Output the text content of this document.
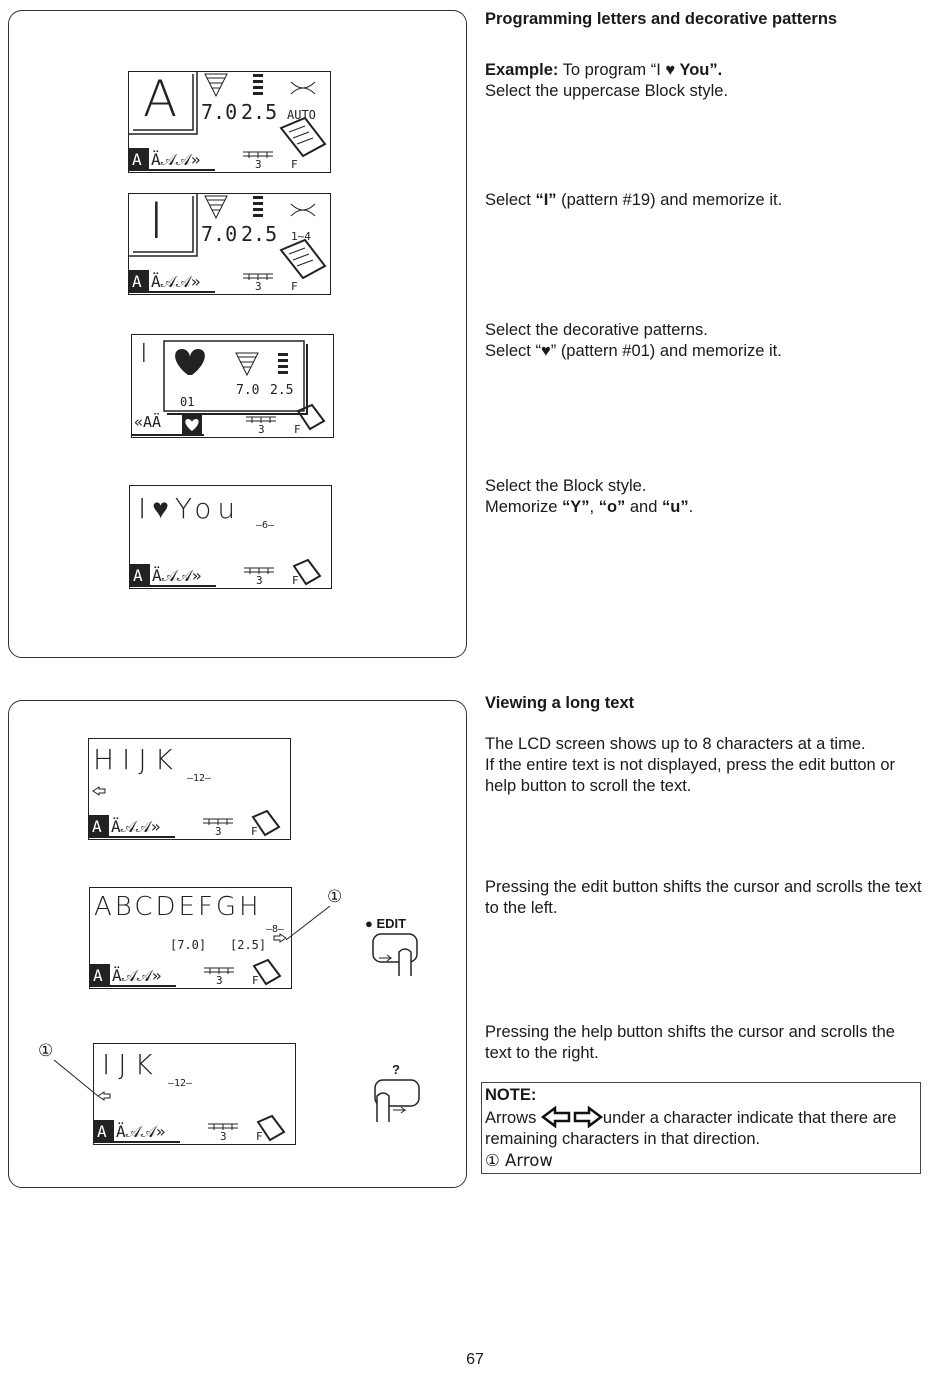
A 7.0 2.5 AUTO
A Ä𝒜𝒜»	3	F
I 7.0 2.5 1~4
A Ä𝒜𝒜»	3	F
I
01
7.0 2.5
«AÄ	3	F
I♥You
–6–
A Ä𝒜𝒜»	3	F

Programming letters and decorative patterns

Example: To program “I ♥ You”.

Select the uppercase Block style.

Select “I” (pattern #19) and memorize it.

Select the decorative patterns.

Select “♥” (pattern #01) and memorize it.

Select the Block style.

Memorize “Y”, “o” and “u”.

HIJK
–12–
A Ä𝒜𝒜»	3	F
ABCDEFGH
–8–
[7.0] [2.5]
A Ä𝒜𝒜»	3	F
①
● EDIT
IJK
–12–
A Ä𝒜𝒜»	3	F
①
?

Viewing a long text

The LCD screen shows up to 8 characters at a time.

If the entire text is not displayed, press the edit button or help button to scroll the text.

Pressing the edit button shifts the cursor and scrolls the text to the left.

Pressing the help button shifts the cursor and scrolls the text to the right.

NOTE:
Arrows	under a character indicate that there are remaining characters in that direction.
① Arrow
67
